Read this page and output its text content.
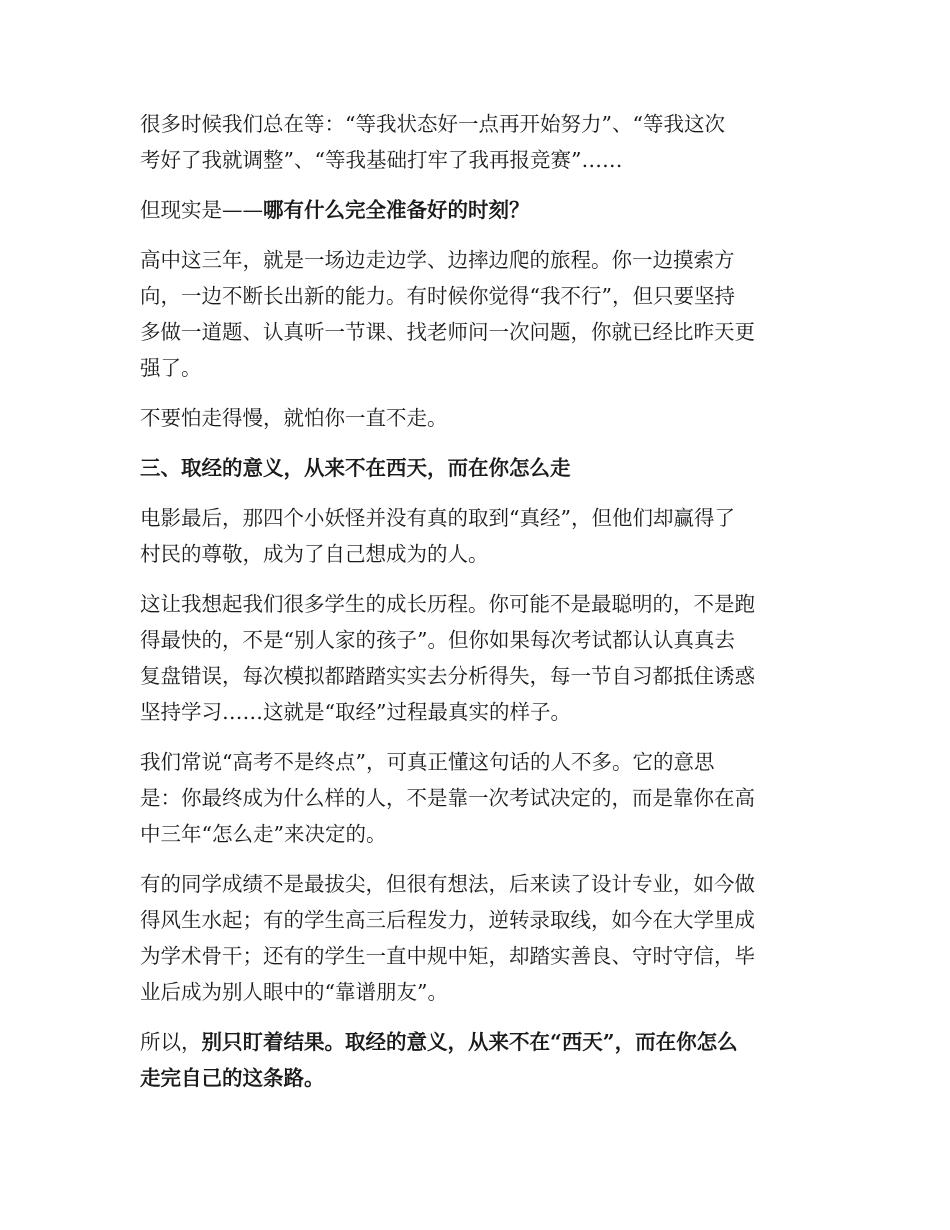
很多时候我们总在等：“等我状态好一点再开始努力”、“等我这次
考好了我就调整”、“等我基础打牢了我再报竞赛”……

但现实是——哪有什么完全准备好的时刻？

高中这三年，就是一场边走边学、边摔边爬的旅程。你一边摸索方
向，一边不断长出新的能力。有时候你觉得“我不行”，但只要坚持
多做一道题、认真听一节课、找老师问一次问题，你就已经比昨天更
强了。

不要怕走得慢，就怕你一直不走。

三、取经的意义，从来不在西天，而在你怎么走

电影最后，那四个小妖怪并没有真的取到“真经”，但他们却赢得了
村民的尊敬，成为了自己想成为的人。

这让我想起我们很多学生的成长历程。你可能不是最聪明的，不是跑
得最快的，不是“别人家的孩子”。但你如果每次考试都认认真真去
复盘错误，每次模拟都踏踏实实去分析得失，每一节自习都抵住诱惑
坚持学习……这就是“取经”过程最真实的样子。

我们常说“高考不是终点”，可真正懂这句话的人不多。它的意思
是：你最终成为什么样的人，不是靠一次考试决定的，而是靠你在高
中三年“怎么走”来决定的。

有的同学成绩不是最拔尖，但很有想法，后来读了设计专业，如今做
得风生水起；有的学生高三后程发力，逆转录取线，如今在大学里成
为学术骨干；还有的学生一直中规中矩，却踏实善良、守时守信，毕
业后成为别人眼中的“靠谱朋友”。

所以，别只盯着结果。取经的意义，从来不在“西天”，而在你怎么
走完自己的这条路。
